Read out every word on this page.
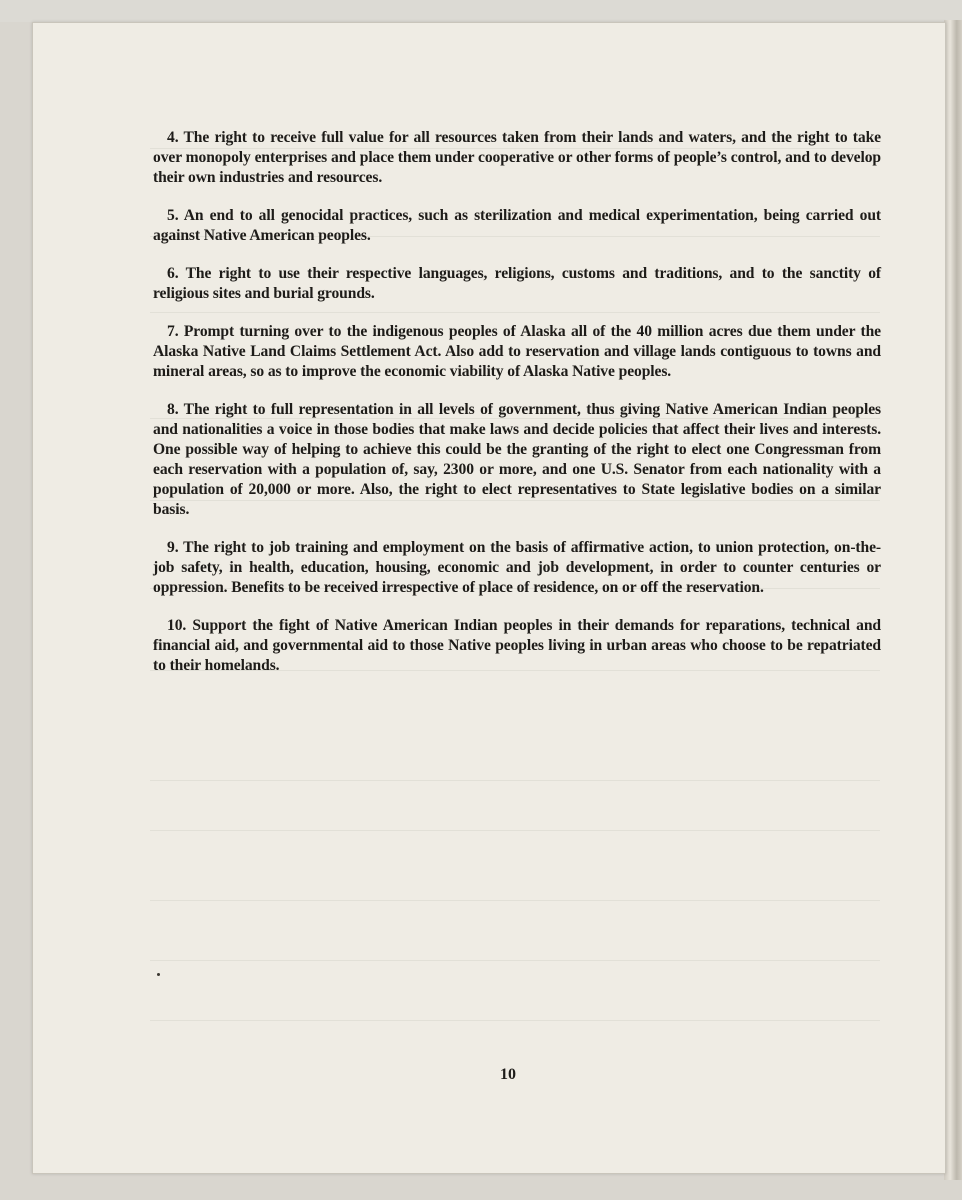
4. The right to receive full value for all resources taken from their lands and waters, and the right to take over monopoly enterprises and place them under cooperative or other forms of people’s control, and to develop their own industries and resources.

5. An end to all genocidal practices, such as sterilization and medical experimentation, being carried out against Native American peoples.

6. The right to use their respective languages, religions, customs and traditions, and to the sanctity of religious sites and burial grounds.

7. Prompt turning over to the indigenous peoples of Alaska all of the 40 million acres due them under the Alaska Native Land Claims Settlement Act. Also add to reservation and village lands contiguous to towns and mineral areas, so as to improve the economic viability of Alaska Native peoples.

8. The right to full representation in all levels of government, thus giving Native American Indian peoples and nationalities a voice in those bodies that make laws and decide policies that affect their lives and interests. One possible way of helping to achieve this could be the granting of the right to elect one Congressman from each reservation with a population of, say, 2300 or more, and one U.S. Senator from each nationality with a population of 20,000 or more. Also, the right to elect representatives to State legislative bodies on a similar basis.

9. The right to job training and employment on the basis of affirmative action, to union protection, on-the-job safety, in health, education, housing, economic and job development, in order to counter centuries or oppression. Benefits to be received irrespective of place of residence, on or off the reservation.

10. Support the fight of Native American Indian peoples in their demands for reparations, technical and financial aid, and governmental aid to those Native peoples living in urban areas who choose to be repatriated to their homelands.

10
